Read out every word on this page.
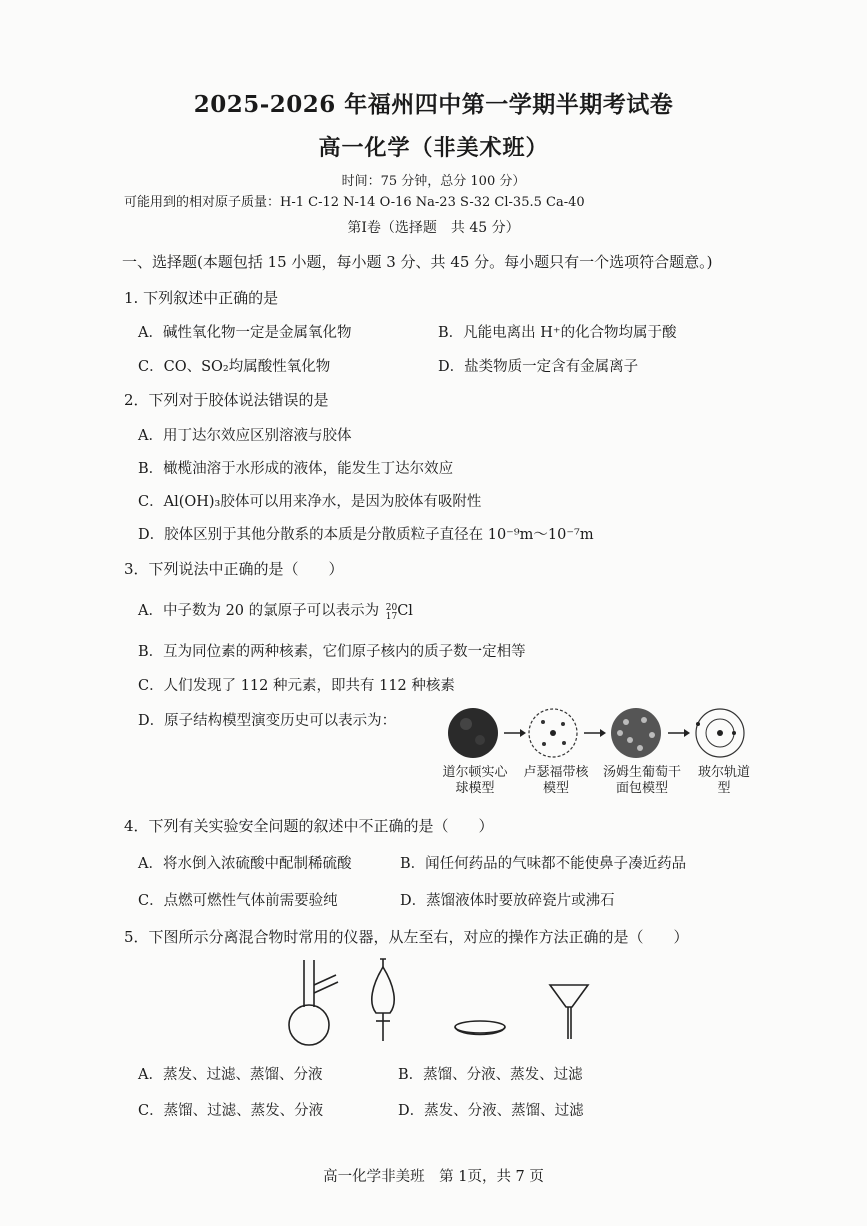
2025-2026 年福州四中第一学期半期考试卷
高一化学（非美术班）
时间：75 分钟，总分 100 分）
可能用到的相对原子质量：H-1 C-12 N-14 O-16 Na-23 S-32 Cl-35.5 Ca-40
第Ⅰ卷（选择题　共 45 分）
一、选择题(本题包括 15 小题，每小题 3 分、共 45 分。每小题只有一个选项符合题意。)
1. 下列叙述中正确的是
A．碱性氧化物一定是金属氧化物	B．凡能电离出 H⁺的化合物均属于酸
C．CO、SO₂均属酸性氧化物	D．盐类物质一定含有金属离子
2．下列对于胶体说法错误的是
A．用丁达尔效应区别溶液与胶体
B．橄榄油溶于水形成的液体，能发生丁达尔效应
C．Al(OH)₃胶体可以用来净水，是因为胶体有吸附性
D．胶体区别于其他分散系的本质是分散质粒子直径在 10⁻⁹m～10⁻⁷m
3．下列说法中正确的是（　　）
A．中子数为 20 的氯原子可以表示为 20
17 Cl
B．互为同位素的两种核素，它们原子核内的质子数一定相等
C．人们发现了 112 种元素，即共有 112 种核素
D．原子结构模型演变历史可以表示为：
道尔顿实心球模型
卢瑟福带核模型
汤姆生葡萄干面包模型
玻尔轨道型
4．下列有关实验安全问题的叙述中不正确的是（　　）
A．将水倒入浓硫酸中配制稀硫酸	B．闻任何药品的气味都不能使鼻子凑近药品
C．点燃可燃性气体前需要验纯	D．蒸馏液体时要放碎瓷片或沸石
5．下图所示分离混合物时常用的仪器，从左至右，对应的操作方法正确的是（　　）
A．蒸发、过滤、蒸馏、分液	B．蒸馏、分液、蒸发、过滤
C．蒸馏、过滤、蒸发、分液	D．蒸发、分液、蒸馏、过滤
高一化学非美班　第 1页，共 7 页
